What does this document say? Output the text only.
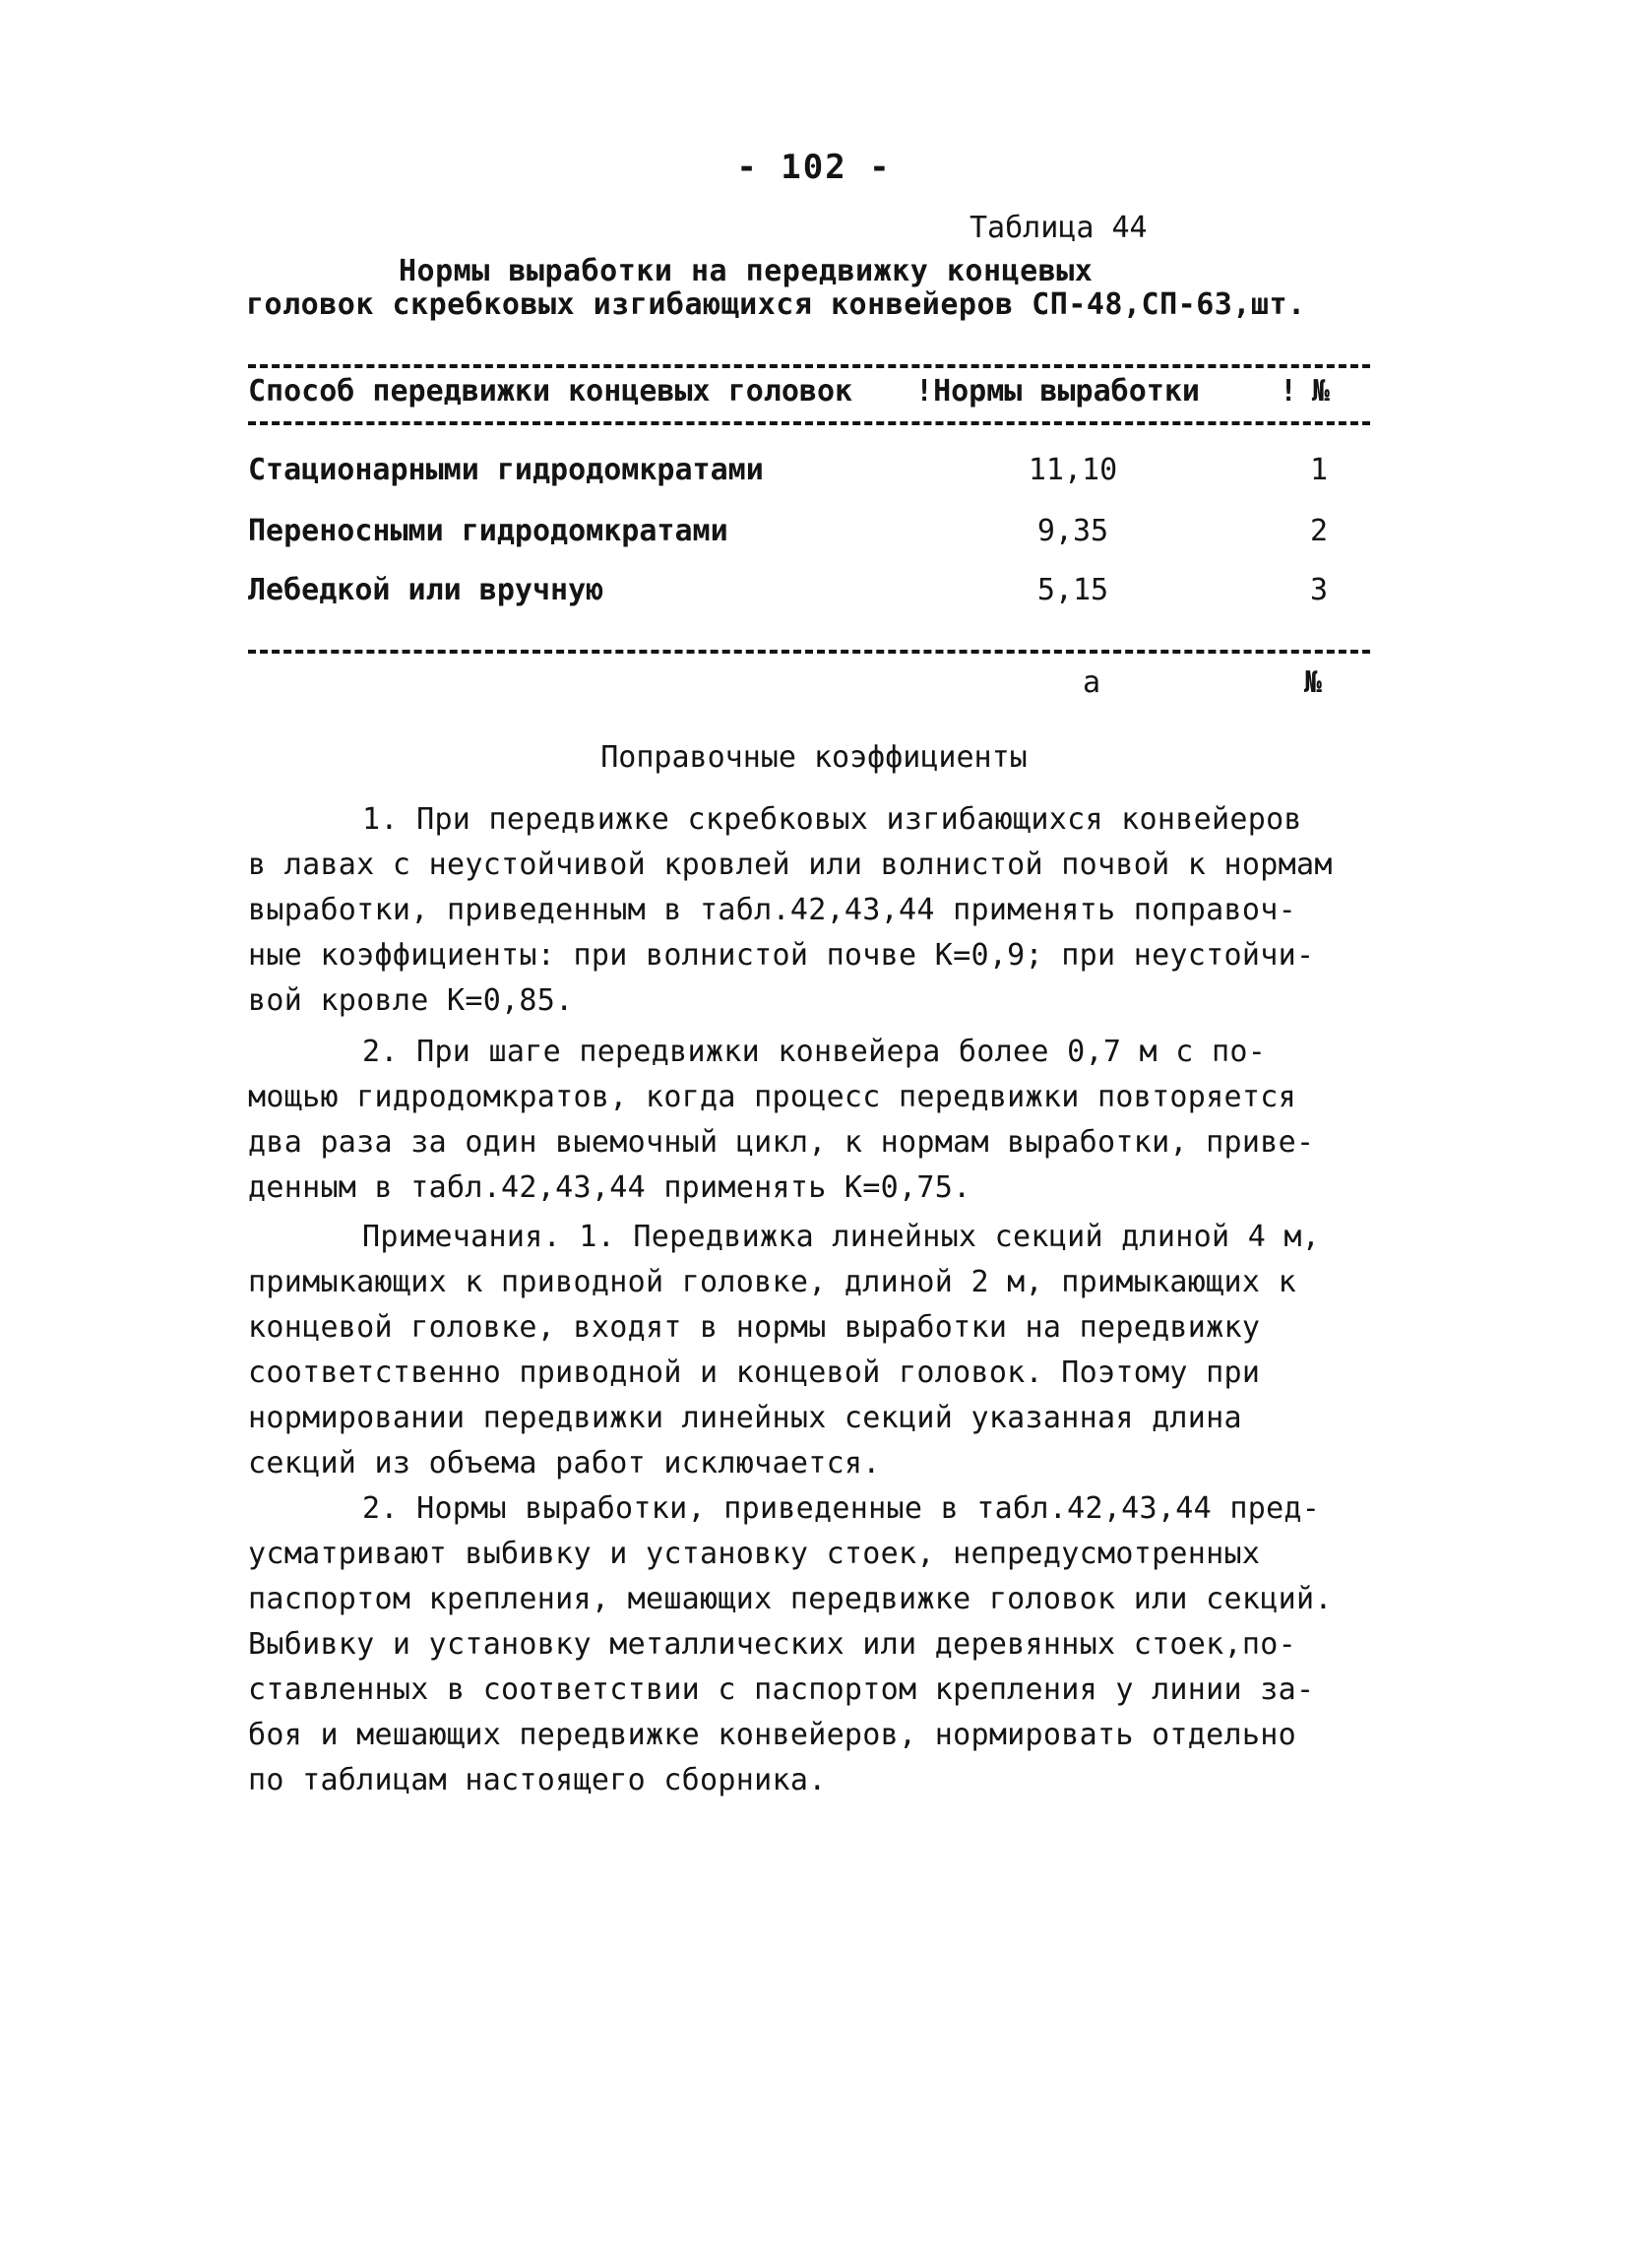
- 102 -
Таблица 44
Нормы выработки на передвижку концевых
головок скребковых изгибающихся конвейеров СП-48,СП-63,шт.
Способ передвижки концевых головок !Нормы выработки	! №
Стационарными гидродомкратами	11,10	1
Переносными гидродомкратами	9,35	2
Лебедкой или вручную	5,15	3
а	№
Поправочные коэффициенты
1. При передвижке скребковых изгибающихся конвейеров
в лавах с неустойчивой кровлей или волнистой почвой к нормам
выработки, приведенным в табл.42,43,44 применять поправоч-
ные коэффициенты: при волнистой почве К=0,9; при неустойчи-
вой кровле К=0,85.
2. При шаге передвижки конвейера более 0,7 м с по-
мощью гидродомкратов, когда процесс передвижки повторяется
два раза за один выемочный цикл, к нормам выработки, приве-
денным в табл.42,43,44 применять К=0,75.
Примечания. 1. Передвижка линейных секций длиной 4 м,
примыкающих к приводной головке, длиной 2 м, примыкающих к
концевой головке, входят в нормы выработки на передвижку
соответственно приводной и концевой головок. Поэтому при
нормировании передвижки линейных секций указанная длина
секций из объема работ исключается.
2. Нормы выработки, приведенные в табл.42,43,44 пред-
усматривают выбивку и установку стоек, непредусмотренных
паспортом крепления, мешающих передвижке головок или секций.
Выбивку и установку металлических или деревянных стоек,по-
ставленных в соответствии с паспортом крепления у линии за-
боя и мешающих передвижке конвейеров, нормировать отдельно
по таблицам настоящего сборника.
